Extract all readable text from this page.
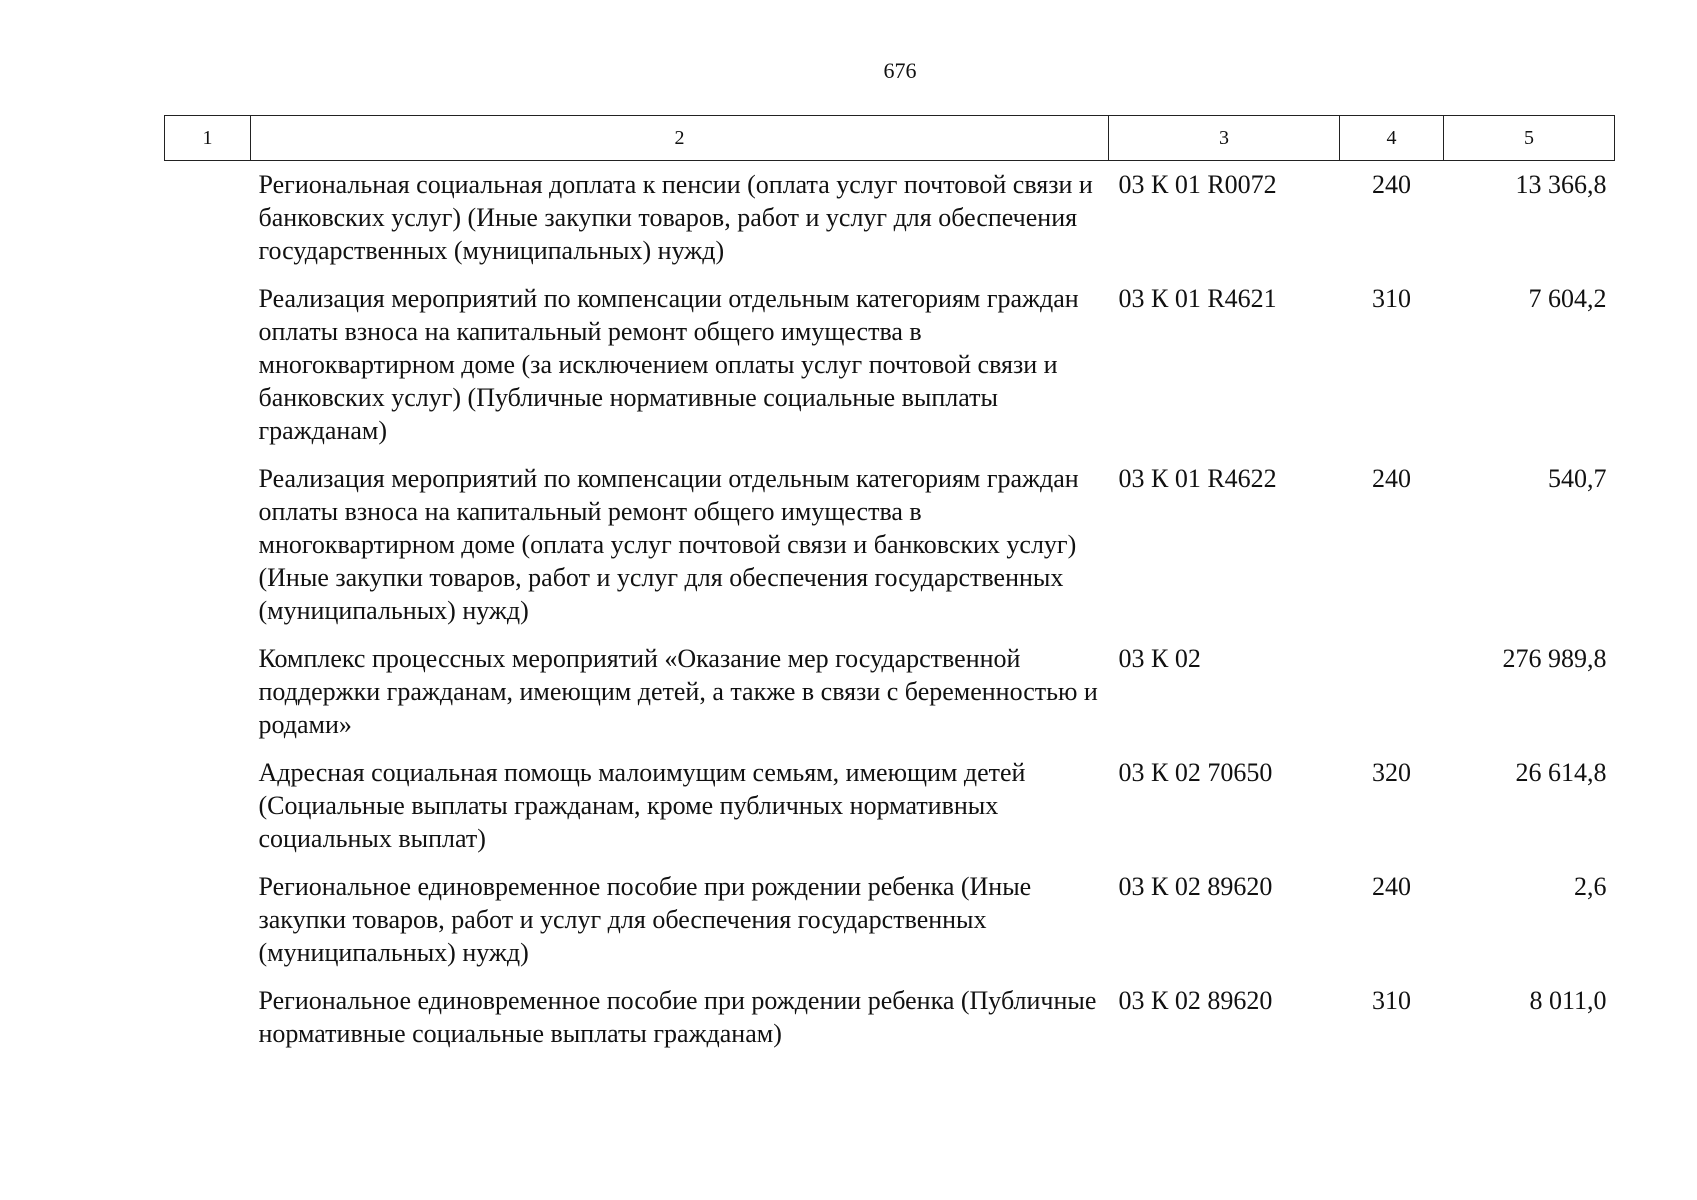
676
1	2	3	4	5
	Региональная социальная доплата к пенсии (оплата услуг почтовой связи и банковских услуг) (Иные закупки товаров, работ и услуг для обеспечения государственных (муниципальных) нужд)	03 К 01 R0072	240	13 366,8
	Реализация мероприятий по компенсации отдельным категориям граждан оплаты взноса на капитальный ремонт общего имущества в многоквартирном доме (за исключением оплаты услуг почтовой связи и банковских услуг) (Публичные нормативные социальные выплаты гражданам)	03 К 01 R4621	310	7 604,2
	Реализация мероприятий по компенсации отдельным категориям граждан оплаты взноса на капитальный ремонт общего имущества в многоквартирном доме (оплата услуг почтовой связи и банковских услуг) (Иные закупки товаров, работ и услуг для обеспечения государственных (муниципальных) нужд)	03 К 01 R4622	240	540,7
	Комплекс процессных мероприятий «Оказание мер государственной поддержки гражданам, имеющим детей, а также в связи с беременностью и родами»	03 К 02		276 989,8
	Адресная социальная помощь малоимущим семьям, имеющим детей (Социальные выплаты гражданам, кроме публичных нормативных социальных выплат)	03 К 02 70650	320	26 614,8
	Региональное единовременное пособие при рождении ребенка (Иные закупки товаров, работ и услуг для обеспечения государственных (муниципальных) нужд)	03 К 02 89620	240	2,6
	Региональное единовременное пособие при рождении ребенка (Публичные нормативные социальные выплаты гражданам)	03 К 02 89620	310	8 011,0
